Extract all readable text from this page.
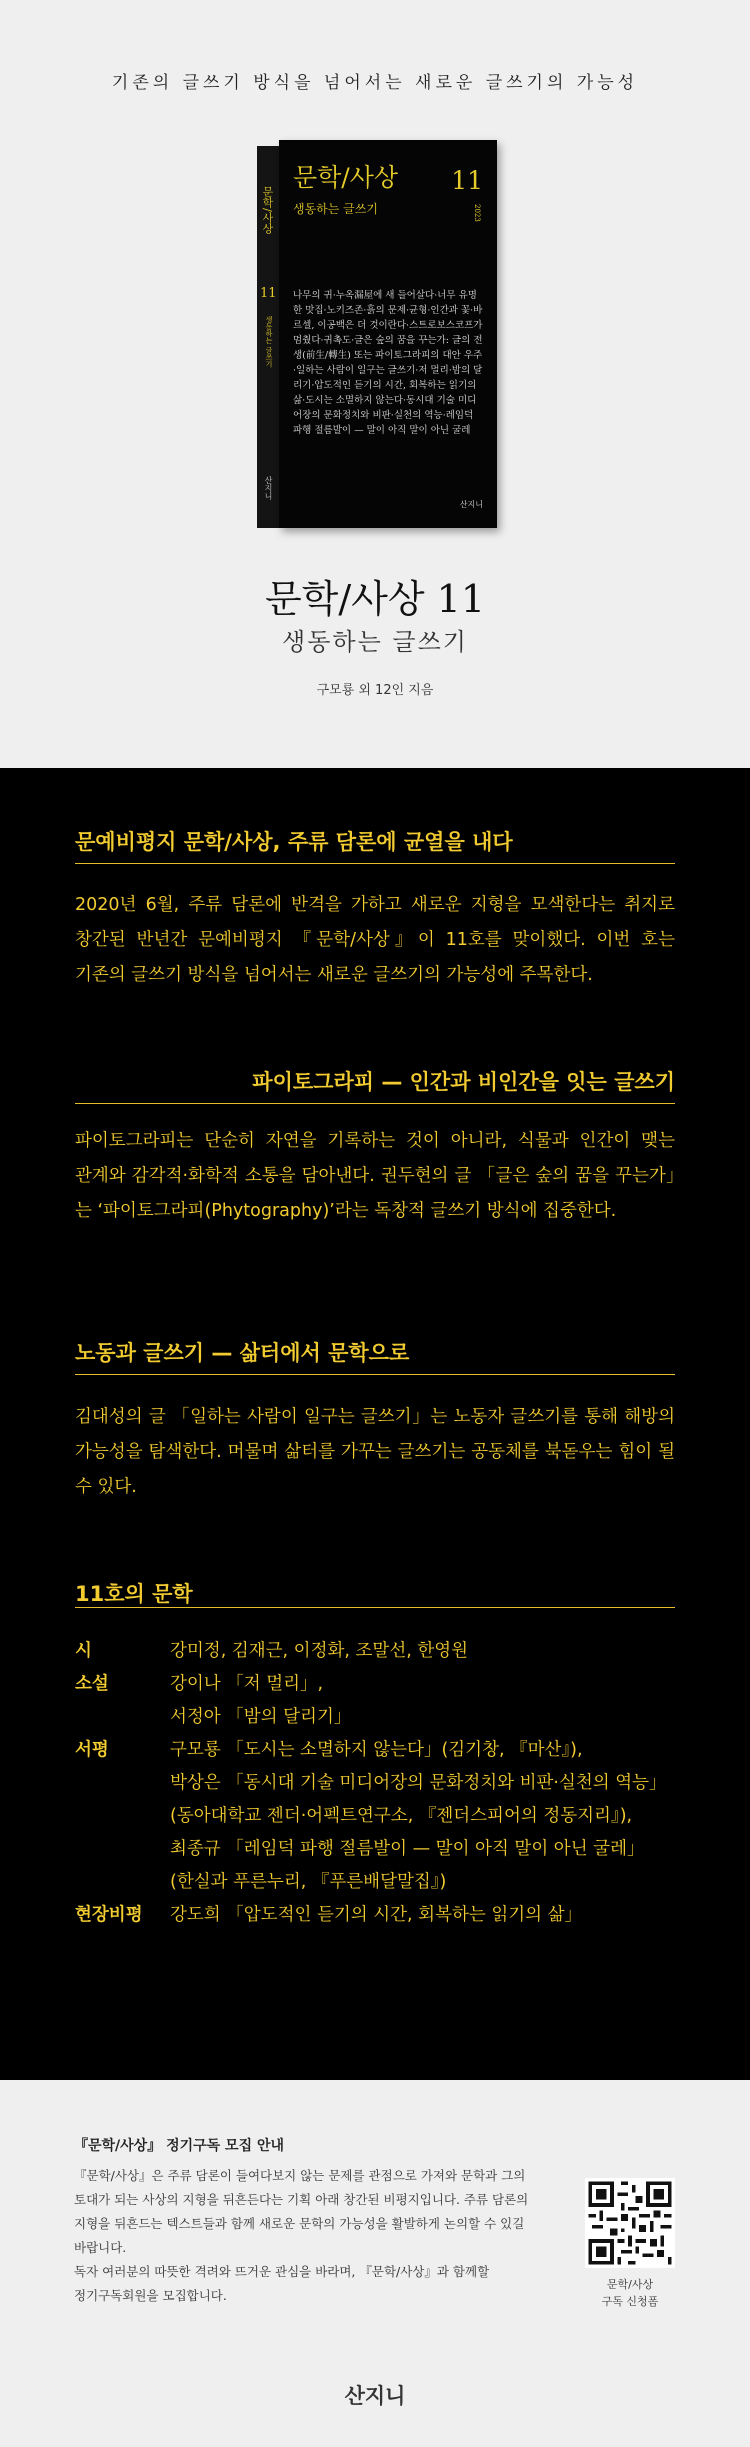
기존의 글쓰기 방식을 넘어서는 새로운 글쓰기의 가능성
문학/사상
11
생동하는 글쓰기
산지니
문학/사상 11
생동하는 글쓰기	2023
나무의 귀·누옥漏屋에 새 들어살다·너무 유명한 맛집·노키즈존·흙의 문제·균형·인간과 꽃·바르셀, 이공백은 더 것이란다·스트로보스코프가 멈췄다·귀촉도·글은 숲의 꿈을 꾸는가: 글의 전생(前生/轉生) 또는 파이토그라피의 대안 우주·일하는 사람이 일구는 글쓰기·저 멀리·밤의 달리기·압도적인 듣기의 시간, 회복하는 읽기의 삶·도시는 소멸하지 않는다·동시대 기술 미디어장의 문화정치와 비판·실천의 역능·레임덕 파행 절름발이 — 말이 아직 말이 아닌 굴레
산지니
문학/사상 11
생동하는 글쓰기
구모룡 외 12인 지음
문예비평지 문학/사상, 주류 담론에 균열을 내다
2020년 6월, 주류 담론에 반격을 가하고 새로운 지형을 모색한다는 취지로 창간된 반년간 문예비평지 『문학/사상』이 11호를 맞이했다. 이번 호는 기존의 글쓰기 방식을 넘어서는 새로운 글쓰기의 가능성에 주목한다.
파이토그라피 — 인간과 비인간을 잇는 글쓰기
파이토그라피는 단순히 자연을 기록하는 것이 아니라, 식물과 인간이 맺는 관계와 감각적·화학적 소통을 담아낸다. 권두현의 글 「글은 숲의 꿈을 꾸는가」는 ‘파이토그라피(Phytography)’라는 독창적 글쓰기 방식에 집중한다.
노동과 글쓰기 — 삶터에서 문학으로
김대성의 글 「일하는 사람이 일구는 글쓰기」는 노동자 글쓰기를 통해 해방의 가능성을 탐색한다. 머물며 삶터를 가꾸는 글쓰기는 공동체를 북돋우는 힘이 될 수 있다.
11호의 문학
시	강미정, 김재근, 이정화, 조말선, 한영원
소설	강이나 「저 멀리」,
서정아 「밤의 달리기」
서평	구모룡 「도시는 소멸하지 않는다」(김기창, 『마산』),
박상은 「동시대 기술 미디어장의 문화정치와 비판·실천의 역능」(동아대학교 젠더·어펙트연구소, 『젠더스피어의 정동지리』),
최종규 「레임덕 파행 절름발이 — 말이 아직 말이 아닌 굴레」(한실과 푸른누리, 『푸른배달말집』)
현장비평	강도희 「압도적인 듣기의 시간, 회복하는 읽기의 삶」
『문학/사상』 정기구독 모집 안내

『문학/사상』은 주류 담론이 들여다보지 않는 문제를 관점으로 가져와 문학과 그의 토대가 되는 사상의 지형을 뒤흔든다는 기획 아래 창간된 비평지입니다. 주류 담론의 지형을 뒤흔드는 텍스트들과 함께 새로운 문학의 가능성을 활발하게 논의할 수 있길 바랍니다.

독자 여러분의 따뜻한 격려와 뜨거운 관심을 바라며, 『문학/사상』과 함께할 정기구독회원을 모집합니다.

문학/사상
구독 신청폼
산지니
